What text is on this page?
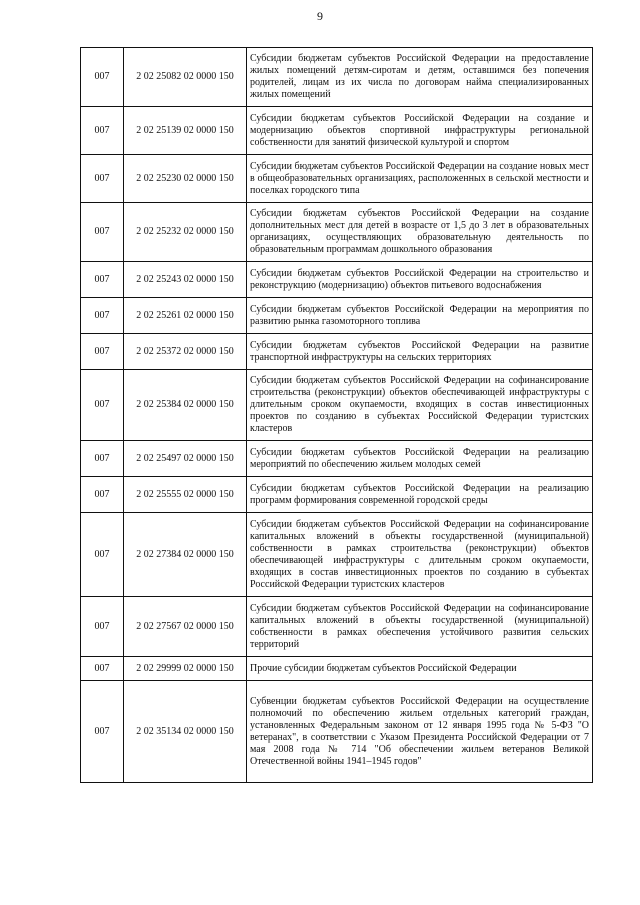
9
007	2 02 25082 02 0000 150	Субсидии бюджетам субъектов Российской Федерации на предоставление жилых помещений детям-сиротам и детям, оставшимся без попечения родителей, лицам из их числа по договорам найма специализированных жилых помещений

007	2 02 25139 02 0000 150	Субсидии бюджетам субъектов Российской Федерации на создание и модернизацию объектов спортивной инфраструктуры региональной собственности для занятий физической культурой и спортом

007	2 02 25230 02 0000 150	Субсидии бюджетам субъектов Российской Федерации на создание новых мест в общеобразовательных организациях, расположенных в сельской местности и поселках городского типа

007	2 02 25232 02 0000 150	Субсидии бюджетам субъектов Российской Федерации на создание дополнительных мест для детей в возрасте от 1,5 до 3 лет в образовательных организациях, осуществляющих образовательную деятельность по образовательным программам дошкольного образования

007	2 02 25243 02 0000 150	Субсидии бюджетам субъектов Российской Федерации на строительство и реконструкцию (модернизацию) объектов питьевого водоснабжения

007	2 02 25261 02 0000 150	Субсидии бюджетам субъектов Российской Федерации на мероприятия по развитию рынка газомоторного топлива

007	2 02 25372 02 0000 150	Субсидии бюджетам субъектов Российской Федерации на развитие транспортной инфраструктуры на сельских территориях

007	2 02 25384 02 0000 150	Субсидии бюджетам субъектов Российской Федерации на софинансирование строительства (реконструкции) объектов обеспечивающей инфраструктуры с длительным сроком окупаемости, входящих в состав инвестиционных проектов по созданию в субъектах Российской Федерации туристских кластеров

007	2 02 25497 02 0000 150	Субсидии бюджетам субъектов Российской Федерации на реализацию мероприятий по обеспечению жильем молодых семей

007	2 02 25555 02 0000 150	Субсидии бюджетам субъектов Российской Федерации на реализацию программ формирования современной городской среды

007	2 02 27384 02 0000 150	Субсидии бюджетам субъектов Российской Федерации на софинансирование капитальных вложений в объекты государственной (муниципальной) собственности в рамках строительства (реконструкции) объектов обеспечивающей инфраструктуры с длительным сроком окупаемости, входящих в состав инвестиционных проектов по созданию в субъектах Российской Федерации туристских кластеров

007	2 02 27567 02 0000 150	Субсидии бюджетам субъектов Российской Федерации на софинансирование капитальных вложений в объекты государственной (муниципальной) собственности в рамках обеспечения устойчивого развития сельских территорий

007	2 02 29999 02 0000 150	Прочие субсидии бюджетам субъектов Российской Федерации

007	2 02 35134 02 0000 150	Субвенции бюджетам субъектов Российской Федерации на осуществление полномочий по обеспечению жильем отдельных категорий граждан, установленных Федеральным законом от 12 января 1995 года № 5-ФЗ "О ветеранах", в соответствии с Указом Президента Российской Федерации от 7 мая 2008 года № 714 "Об обеспечении жильем ветеранов Великой Отечественной войны 1941–1945 годов"
